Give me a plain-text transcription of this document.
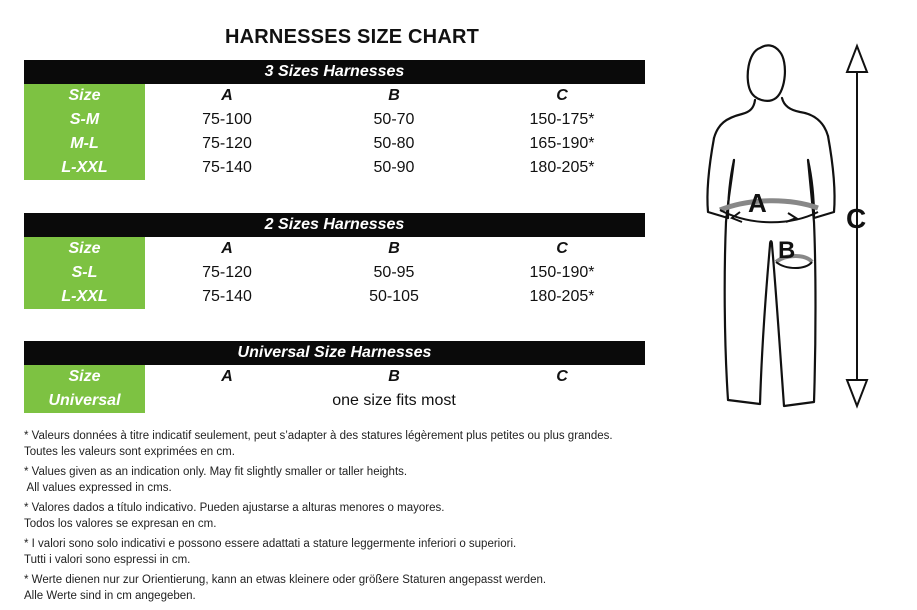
HARNESSES SIZE CHART
3 Sizes Harnesses
Size	A	B	C
S-M	75-100	50-70	150-175*
M-L	75-120	50-80	165-190*
L-XXL	75-140	50-90	180-205*
2 Sizes Harnesses
Size	A	B	C
S-L	75-120	50-95	150-190*
L-XXL	75-140	50-105	180-205*
Universal Size Harnesses
Size	A	B	C
Universal	one size fits most
* Valeurs données à titre indicatif seulement, peut s’adapter à des statures légèrement plus petites ou plus grandes.
Toutes les valeurs sont exprimées en cm.
* Values given as an indication only. May fit slightly smaller or taller heights.
All values expressed in cms.
* Valores dados a título indicativo. Pueden ajustarse a alturas menores o mayores.
Todos los valores se expresan en cm.
* I valori sono solo indicativi e possono essere adattati a stature leggermente inferiori o superiori.
Tutti i valori sono espressi in cm.
* Werte dienen nur zur Orientierung, kann an etwas kleinere oder größere Staturen angepasst werden.
Alle Werte sind in cm angegeben.
A
B
C
